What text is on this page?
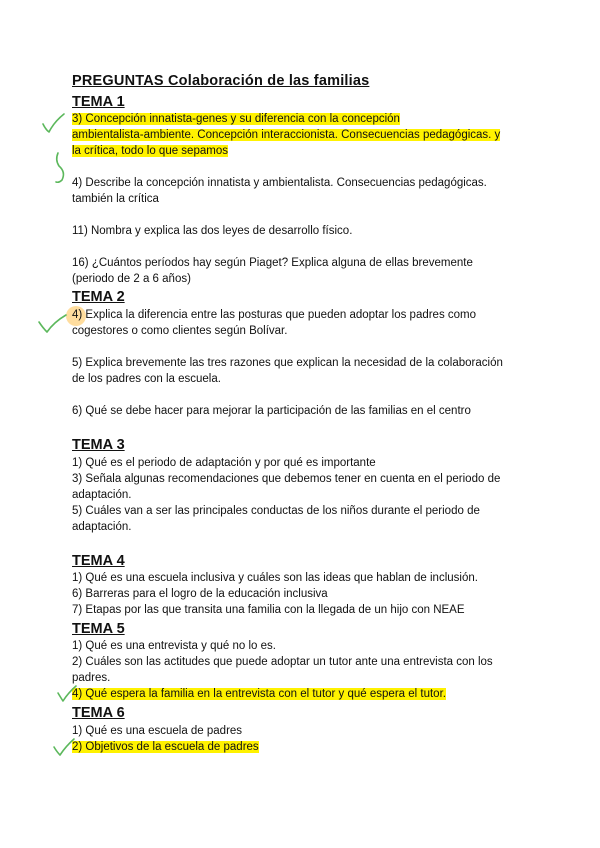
PREGUNTAS Colaboración de las familias
TEMA 1
3) Concepción innatista-genes y su diferencia con la concepción
ambientalista-ambiente. Concepción interaccionista. Consecuencias pedagógicas. y
la crítica, todo lo que sepamos
4) Describe la concepción innatista y ambientalista. Consecuencias pedagógicas.
también la crítica
11) Nombra y explica las dos leyes de desarrollo físico.
16) ¿Cuántos períodos hay según Piaget? Explica alguna de ellas brevemente
(periodo de 2 a 6 años)
TEMA 2
4) Explica la diferencia entre las posturas que pueden adoptar los padres como
cogestores o como clientes según Bolívar.
5) Explica brevemente las tres razones que explican la necesidad de la colaboración
de los padres con la escuela.
6) Qué se debe hacer para mejorar la participación de las familias en el centro
TEMA 3
1) Qué es el periodo de adaptación y por qué es importante
3) Señala algunas recomendaciones que debemos tener en cuenta en el periodo de
adaptación.
5) Cuáles van a ser las principales conductas de los niños durante el periodo de
adaptación.
TEMA 4
1) Qué es una escuela inclusiva y cuáles son las ideas que hablan de inclusión.
6) Barreras para el logro de la educación inclusiva
7) Etapas por las que transita una familia con la llegada de un hijo con NEAE
TEMA 5
1) Qué es una entrevista y qué no lo es.
2) Cuáles son las actitudes que puede adoptar un tutor ante una entrevista con los
padres.
4) Qué espera la familia en la entrevista con el tutor y qué espera el tutor.
TEMA 6
1) Qué es una escuela de padres
2) Objetivos de la escuela de padres
